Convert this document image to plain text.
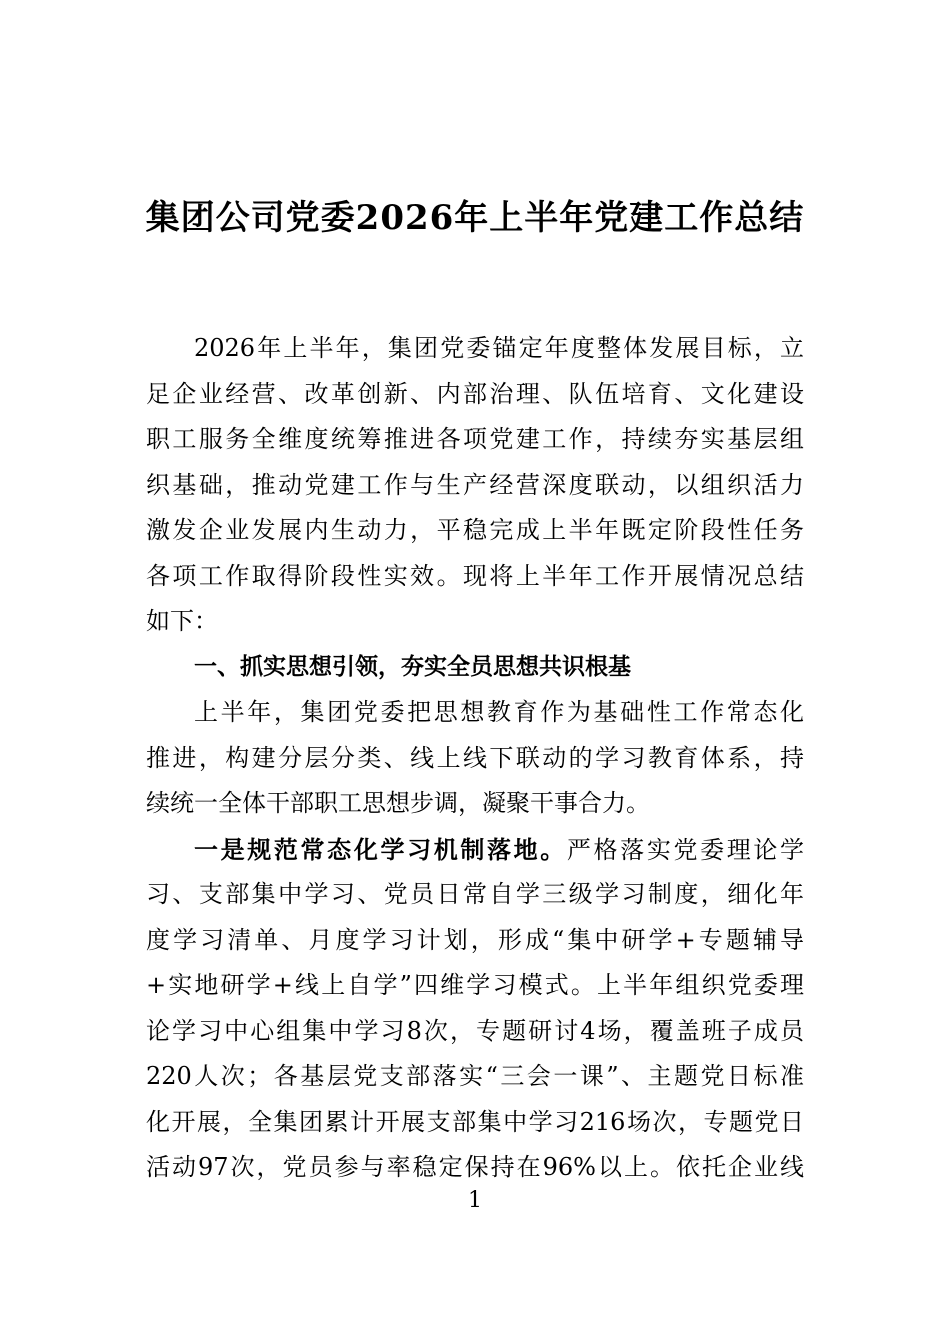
集团公司党委2026年上半年党建工作总结
2026年上半年，集团党委锚定年度整体发展目标，立
足企业经营、改革创新、内部治理、队伍培育、文化建设
职工服务全维度统筹推进各项党建工作，持续夯实基层组
织基础，推动党建工作与生产经营深度联动，以组织活力
激发企业发展内生动力，平稳完成上半年既定阶段性任务
各项工作取得阶段性实效。现将上半年工作开展情况总结
如下：
一、抓实思想引领，夯实全员思想共识根基
上半年，集团党委把思想教育作为基础性工作常态化
推进，构建分层分类、线上线下联动的学习教育体系，持
续统一全体干部职工思想步调，凝聚干事合力。
一是规范常态化学习机制落地。严格落实党委理论学
习、支部集中学习、党员日常自学三级学习制度，细化年
度学习清单、月度学习计划，形成“集中研学+专题辅导
+实地研学+线上自学”四维学习模式。上半年组织党委理
论学习中心组集中学习8次，专题研讨4场，覆盖班子成员
220人次；各基层党支部落实“三会一课”、主题党日标准
化开展，全集团累计开展支部集中学习216场次，专题党日
活动97次，党员参与率稳定保持在96%以上。依托企业线
1
